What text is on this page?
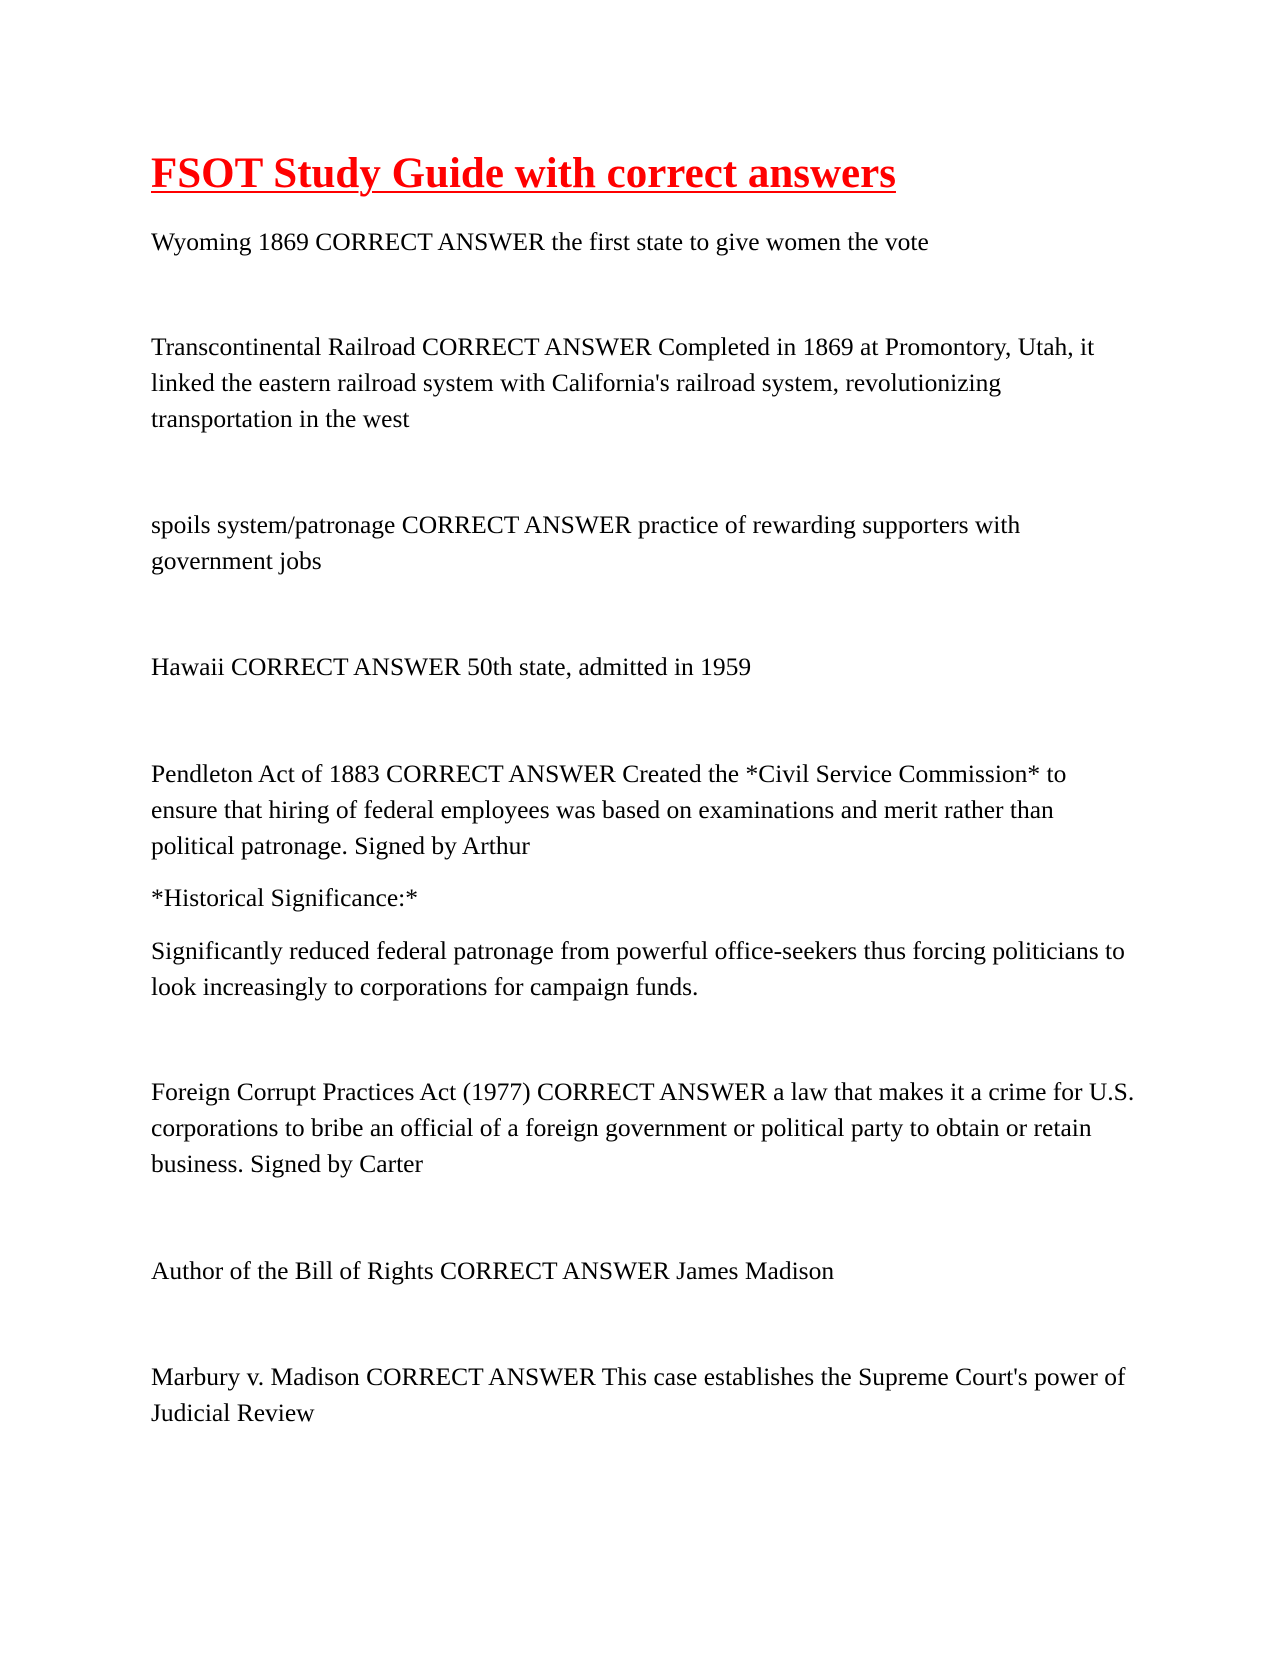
FSOT Study Guide with correct answers

Wyoming 1869 CORRECT ANSWER the first state to give women the vote

Transcontinental Railroad CORRECT ANSWER Completed in 1869 at Promontory, Utah, it linked the eastern railroad system with California's railroad system, revolutionizing transportation in the west

spoils system/patronage CORRECT ANSWER practice of rewarding supporters with government jobs

Hawaii CORRECT ANSWER 50th state, admitted in 1959

Pendleton Act of 1883 CORRECT ANSWER Created the *Civil Service Commission* to ensure that hiring of federal employees was based on examinations and merit rather than political patronage. Signed by Arthur

*Historical Significance:*

Significantly reduced federal patronage from powerful office-seekers thus forcing politicians to look increasingly to corporations for campaign funds.

Foreign Corrupt Practices Act (1977) CORRECT ANSWER a law that makes it a crime for U.S. corporations to bribe an official of a foreign government or political party to obtain or retain business. Signed by Carter

Author of the Bill of Rights CORRECT ANSWER James Madison

Marbury v. Madison CORRECT ANSWER This case establishes the Supreme Court's power of Judicial Review
